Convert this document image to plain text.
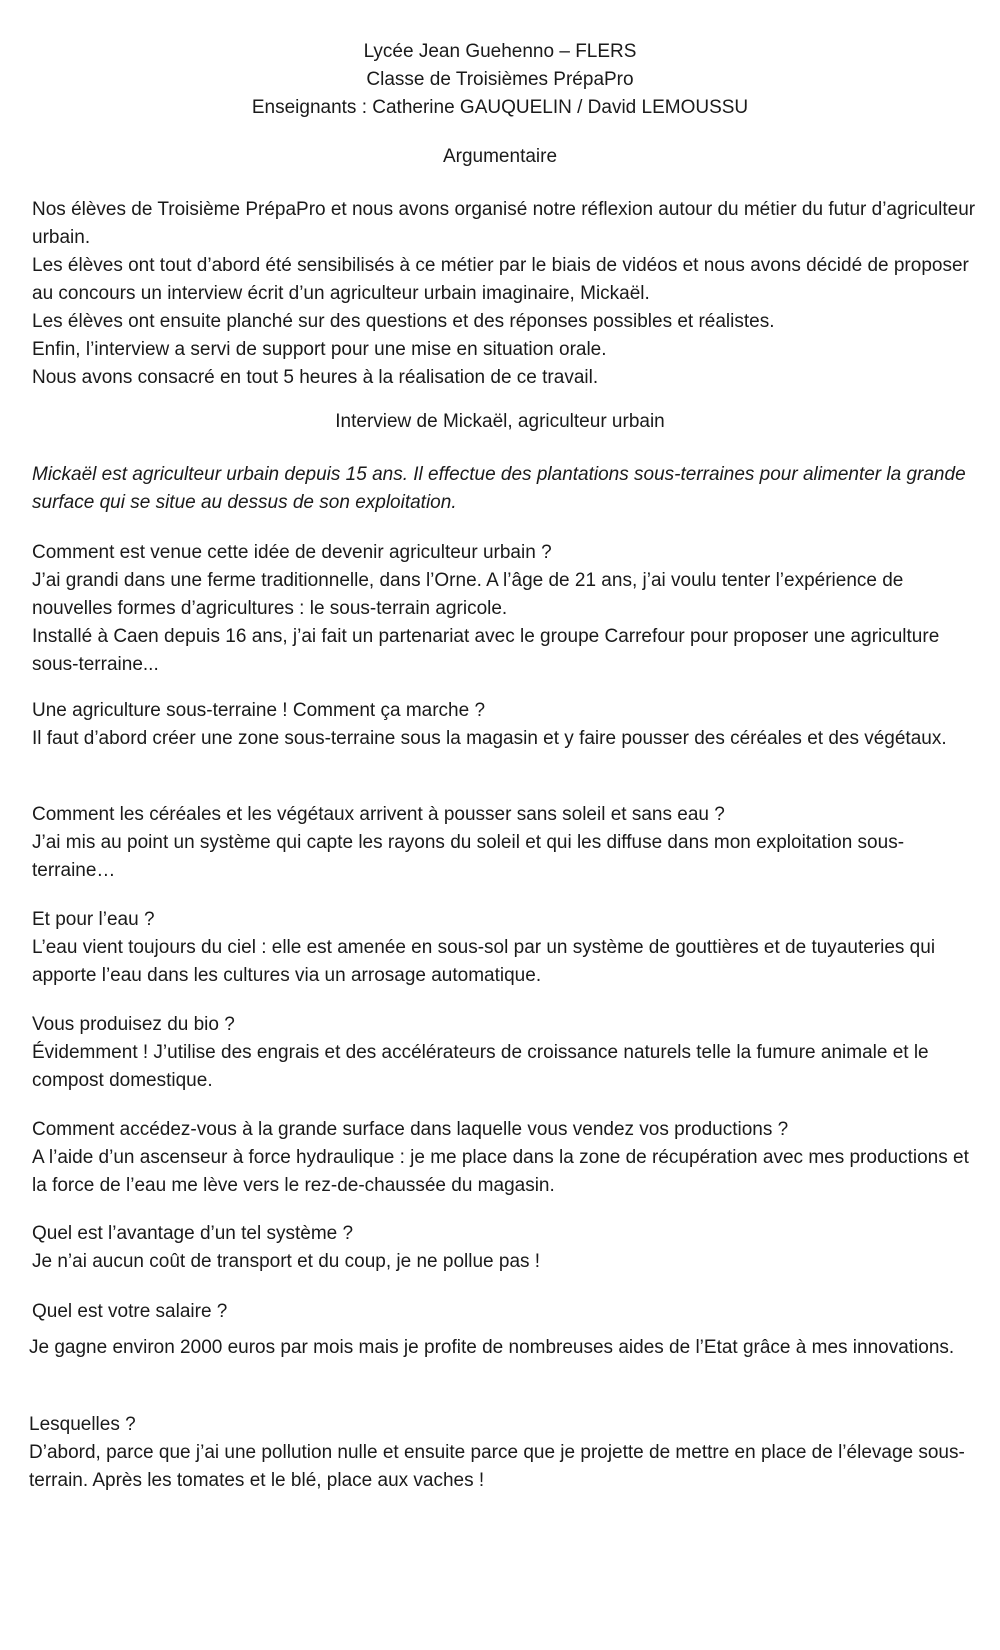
Lycée Jean Guehenno – FLERS
Classe de Troisièmes PrépaPro
Enseignants : Catherine GAUQUELIN / David LEMOUSSU
Argumentaire

Nos élèves de Troisième PrépaPro et nous avons organisé notre réflexion autour du métier du futur d’agriculteur urbain.

Les élèves ont tout d’abord été sensibilisés à ce métier par le biais de vidéos et nous avons décidé de proposer au concours un interview écrit d’un agriculteur urbain imaginaire, Mickaël.

Les élèves ont ensuite planché sur des questions et des réponses possibles et réalistes.

Enfin, l’interview a servi de support pour une mise en situation orale.

Nous avons consacré en tout 5 heures à la réalisation de ce travail.

Interview de Mickaël, agriculteur urbain
Mickaël est agriculteur urbain depuis 15 ans. Il effectue des plantations sous-terraines pour alimenter la grande surface qui se situe au dessus de son exploitation.

Comment est venue cette idée de devenir agriculteur urbain ?

J’ai grandi dans une ferme traditionnelle, dans l’Orne. A l’âge de 21 ans, j’ai voulu tenter l’expérience de nouvelles formes d’agricultures : le sous-terrain agricole.

Installé à Caen depuis 16 ans, j’ai fait un partenariat avec le groupe Carrefour pour proposer une agriculture sous-terraine...

Une agriculture sous-terraine ! Comment ça marche ?

Il faut d’abord créer une zone sous-terraine sous la magasin et y faire pousser des céréales et des végétaux.

Comment les céréales et les végétaux arrivent à pousser sans soleil et sans eau ?

J’ai mis au point un système qui capte les rayons du soleil et qui les diffuse dans mon exploitation sous-terraine…

Et pour l’eau ?

L’eau vient toujours du ciel : elle est amenée en sous-sol par un système de gouttières et de tuyauteries qui apporte l’eau dans les cultures via un arrosage automatique.

Vous produisez du bio ?

Évidemment ! J’utilise des engrais et des accélérateurs de croissance naturels telle la fumure animale et le compost domestique.

Comment accédez-vous à la grande surface dans laquelle vous vendez vos productions ?

A l’aide d’un ascenseur à force hydraulique : je me place dans la zone de récupération avec mes productions et la force de l’eau me lève vers le rez-de-chaussée du magasin.

Quel est l’avantage d’un tel système ?

Je n’ai aucun coût de transport et du coup, je ne pollue pas !

Quel est votre salaire ?

Je gagne environ 2000 euros par mois mais je profite de nombreuses aides de l’Etat grâce à mes innovations.

Lesquelles ?

D’abord, parce que j’ai une pollution nulle et ensuite parce que je projette de mettre en place de l’élevage sous-terrain. Après les tomates et le blé, place aux vaches !
